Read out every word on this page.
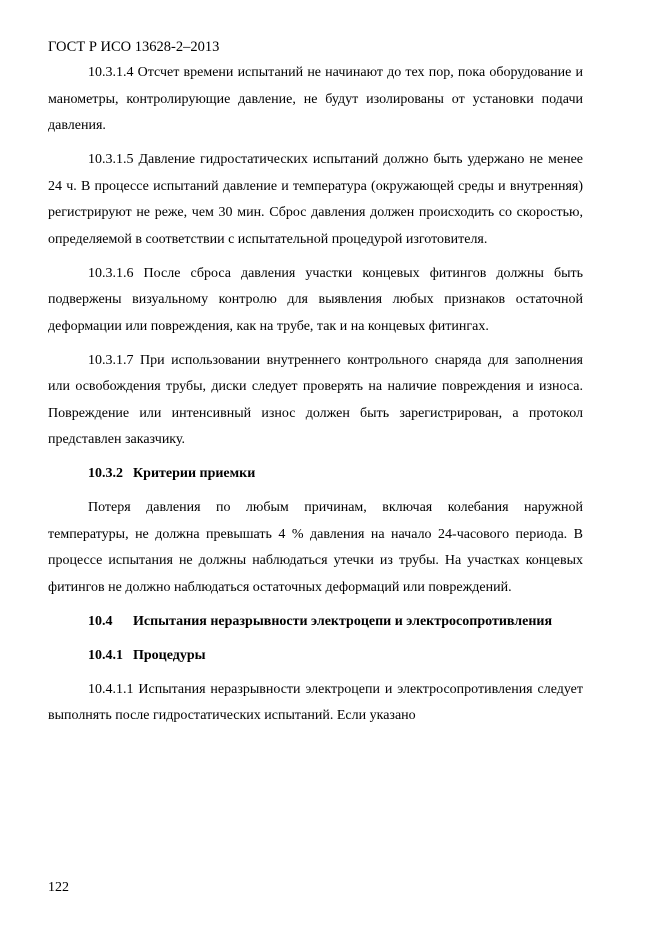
ГОСТ Р ИСО 13628-2–2013

10.3.1.4 Отсчет времени испытаний не начинают до тех пор, пока оборудование и манометры, контролирующие давление, не будут изолированы от установки подачи давления.

10.3.1.5 Давление гидростатических испытаний должно быть удержано не менее 24 ч. В процессе испытаний давление и температура (окружающей среды и внутренняя) регистрируют не реже, чем 30 мин. Сброс давления должен происходить со скоростью, определяемой в соответствии с испытательной процедурой изготовителя.

10.3.1.6 После сброса давления участки концевых фитингов должны быть подвержены визуальному контролю для выявления любых признаков остаточной деформации или повреждения, как на трубе, так и на концевых фитингах.

10.3.1.7 При использовании внутреннего контрольного снаряда для заполнения или освобождения трубы, диски следует проверять на наличие повреждения и износа. Повреждение или интенсивный износ должен быть зарегистрирован, а протокол представлен заказчику.

10.3.2 Критерии приемки

Потеря давления по любым причинам, включая колебания наружной температуры, не должна превышать 4 % давления на начало 24-часового периода. В процессе испытания не должны наблюдаться утечки из трубы. На участках концевых фитингов не должно наблюдаться остаточных деформаций или повреждений.

10.4 Испытания неразрывности электроцепи и электросопротивления
10.4.1 Процедуры

10.4.1.1 Испытания неразрывности электроцепи и электросопротивления следует выполнять после гидростатических испытаний. Если указано

122
